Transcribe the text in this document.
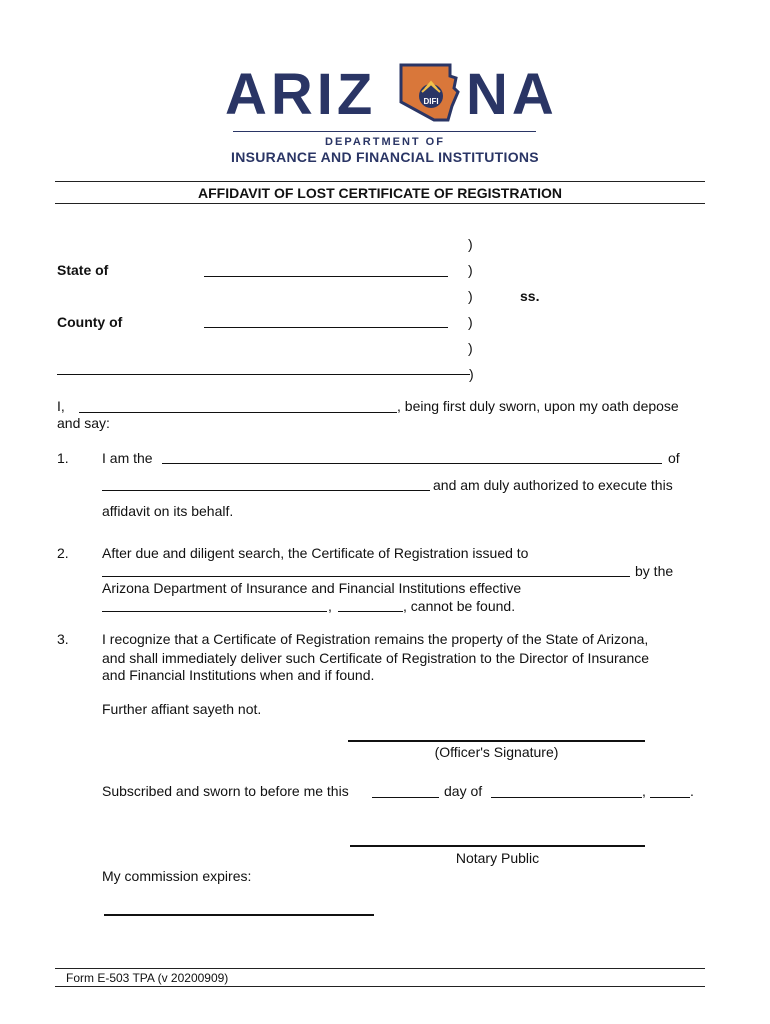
ARIZ	DIFI NA
DEPARTMENT OF
INSURANCE AND FINANCIAL INSTITUTIONS
AFFIDAVIT OF LOST CERTIFICATE OF REGISTRATION
)
State of	)
)	ss.
County of	)
)
)
I,	, being first duly sworn, upon my oath depose
and say:
1. I am the	of
and am duly authorized to execute this
affidavit on its behalf.
2. After due and diligent search, the Certificate of Registration issued to
by the
Arizona Department of Insurance and Financial Institutions effective
,	, cannot be found.
3. I recognize that a Certificate of Registration remains the property of the State of Arizona,
and shall immediately deliver such Certificate of Registration to the Director of Insurance
and Financial Institutions when and if found.
Further affiant sayeth not.
(Officer's Signature)
Subscribed and sworn to before me this	day of	,	.
Notary Public
My commission expires:
Form E-503 TPA (v 20200909)
